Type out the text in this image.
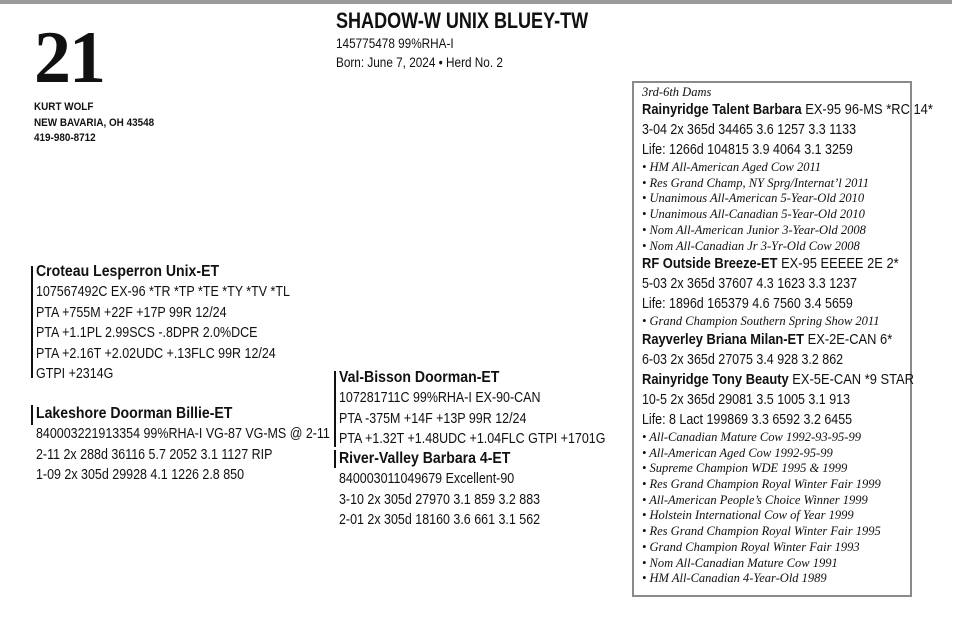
21
KURT WOLF
NEW BAVARIA, OH 43548
419-980-8712
SHADOW-W UNIX BLUEY-TW
145775478 99%RHA-I
Born: June 7, 2024 • Herd No. 2
Croteau Lesperron Unix-ET
107567492C EX-96 *TR *TP *TE *TY *TV *TL
PTA +755M +22F +17P 99R 12/24
PTA +1.1PL 2.99SCS -.8DPR 2.0%DCE
PTA +2.16T +2.02UDC +.13FLC 99R 12/24
GTPI +2314G
Lakeshore Doorman Billie-ET
840003221913354 99%RHA-I VG-87 VG-MS @ 2-11
2-11 2x 288d 36116 5.7 2052 3.1 1127 RIP
1-09 2x 305d 29928 4.1 1226 2.8 850
Val-Bisson Doorman-ET
107281711C 99%RHA-I EX-90-CAN
PTA -375M +14F +13P 99R 12/24
PTA +1.32T +1.48UDC +1.04FLC GTPI +1701G
River-Valley Barbara 4-ET
840003011049679 Excellent-90
3-10 2x 305d 27970 3.1 859 3.2 883
2-01 2x 305d 18160 3.6 661 3.1 562
3rd-6th Dams
Rainyridge Talent Barbara EX-95 96-MS *RC 14*
3-04 2x 365d 34465 3.6 1257 3.3 1133
Life: 1266d 104815 3.9 4064 3.1 3259
• HM All-American Aged Cow 2011
• Res Grand Champ, NY Sprg/Internat’l 2011
• Unanimous All-American 5-Year-Old 2010
• Unanimous All-Canadian 5-Year-Old 2010
• Nom All-American Junior 3-Year-Old 2008
• Nom All-Canadian Jr 3-Yr-Old Cow 2008
RF Outside Breeze-ET EX-95 EEEEE 2E 2*
5-03 2x 365d 37607 4.3 1623 3.3 1237
Life: 1896d 165379 4.6 7560 3.4 5659
• Grand Champion Southern Spring Show 2011
Rayverley Briana Milan-ET EX-2E-CAN 6*
6-03 2x 365d 27075 3.4 928 3.2 862
Rainyridge Tony Beauty EX-5E-CAN *9 STAR
10-5 2x 365d 29081 3.5 1005 3.1 913
Life: 8 Lact 199869 3.3 6592 3.2 6455
• All-Canadian Mature Cow 1992-93-95-99
• All-American Aged Cow 1992-95-99
• Supreme Champion WDE 1995 & 1999
• Res Grand Champion Royal Winter Fair 1999
• All-American People’s Choice Winner 1999
• Holstein International Cow of Year 1999
• Res Grand Champion Royal Winter Fair 1995
• Grand Champion Royal Winter Fair 1993
• Nom All-Canadian Mature Cow 1991
• HM All-Canadian 4-Year-Old 1989
